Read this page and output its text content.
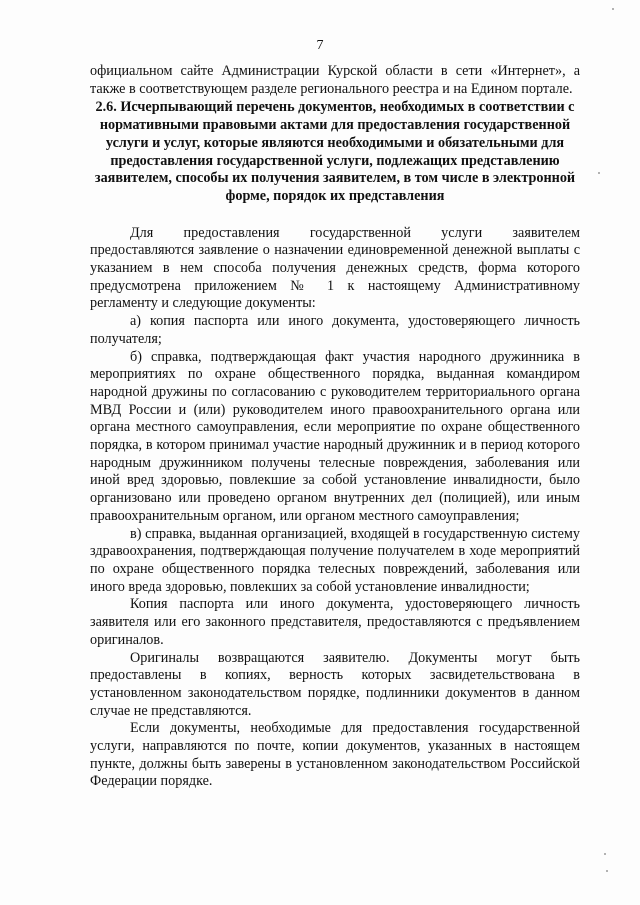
7

официальном сайте Администрации Курской области в сети «Интернет», а также в соответствующем разделе регионального реестра и на Едином портале.

2.6. Исчерпывающий перечень документов, необходимых в соответствии с нормативными правовыми актами для предоставления государственной услуги и услуг, которые являются необходимыми и обязательными для предоставления государственной услуги, подлежащих представлению заявителем, способы их получения заявителем, в том числе в электронной форме, порядок их представления

Для предоставления государственной услуги заявителем предоставляются заявление о назначении единовременной денежной выплаты с указанием в нем способа получения денежных средств, форма которого предусмотрена приложением № 1 к настоящему Административному регламенту и следующие документы:

а) копия паспорта или иного документа, удостоверяющего личность получателя;

б) справка, подтверждающая факт участия народного дружинника в мероприятиях по охране общественного порядка, выданная командиром народной дружины по согласованию с руководителем территориального органа МВД России и (или) руководителем иного правоохранительного органа или органа местного самоуправления, если мероприятие по охране общественного порядка, в котором принимал участие народный дружинник и в период которого народным дружинником получены телесные повреждения, заболевания или иной вред здоровью, повлекшие за собой установление инвалидности, было организовано или проведено органом внутренних дел (полицией), или иным правоохранительным органом, или органом местного самоуправления;

в) справка, выданная организацией, входящей в государственную систему здравоохранения, подтверждающая получение получателем в ходе мероприятий по охране общественного порядка телесных повреждений, заболевания или иного вреда здоровью, повлекших за собой установление инвалидности;

Копия паспорта или иного документа, удостоверяющего личность заявителя или его законного представителя, предоставляются с предъявлением оригиналов.

Оригиналы возвращаются заявителю. Документы могут быть предоставлены в копиях, верность которых засвидетельствована в установленном законодательством порядке, подлинники документов в данном случае не представляются.

Если документы, необходимые для предоставления государственной услуги, направляются по почте, копии документов, указанных в настоящем пункте, должны быть заверены в установленном законодательством Российской Федерации порядке.
